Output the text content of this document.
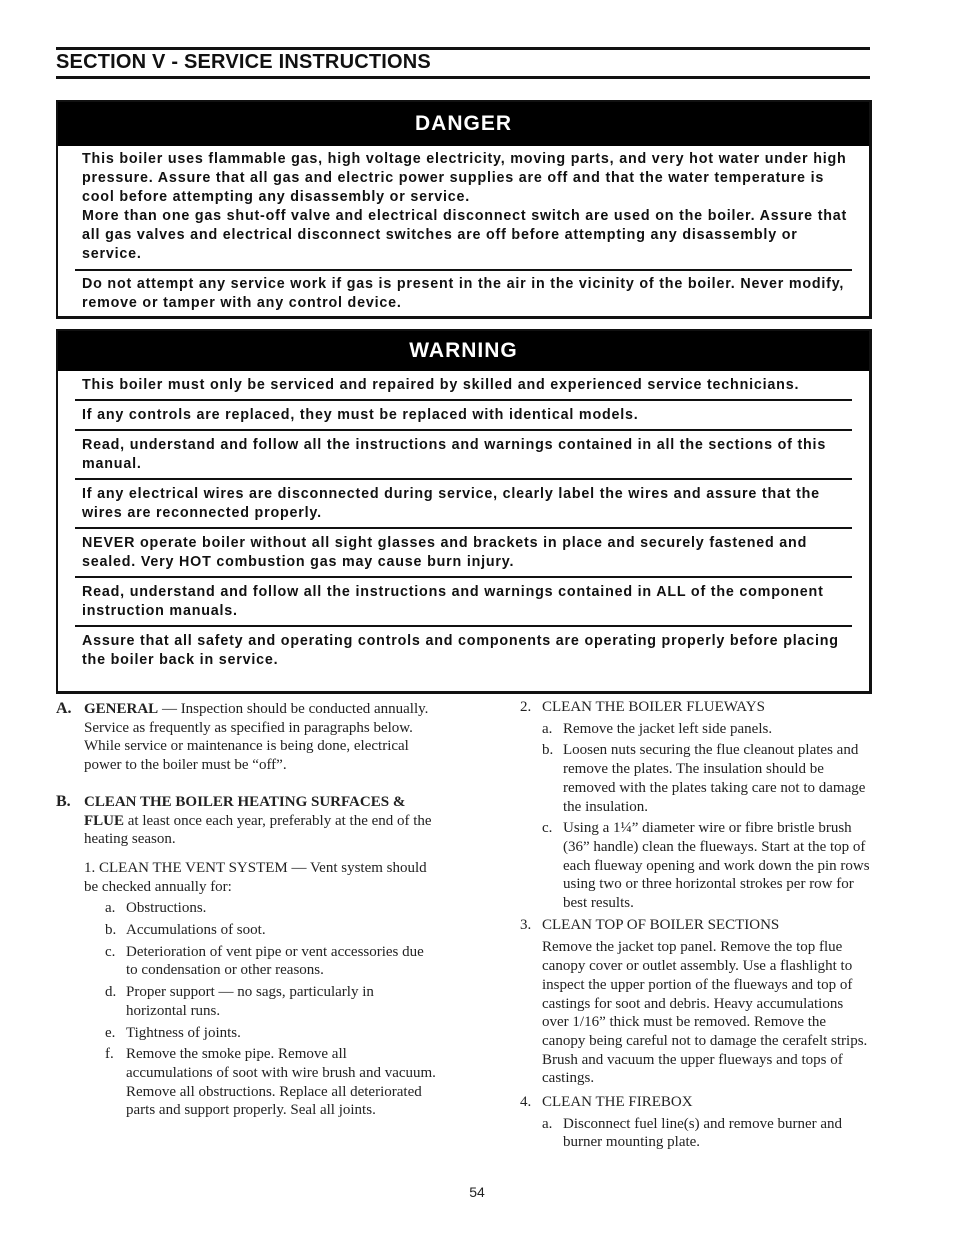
SECTION V - SERVICE INSTRUCTIONS
DANGER
This boiler uses flammable gas, high voltage electricity, moving parts, and very hot water under high pressure. Assure that all gas and electric power supplies are off and that the water temperature is cool before attempting any disassembly or service.
More than one gas shut-off valve and electrical disconnect switch are used on the boiler. Assure that all gas valves and electrical disconnect switches are off before attempting any disassembly or service.
Do not attempt any service work if gas is present in the air in the vicinity of the boiler. Never modify, remove or tamper with any control device.
WARNING
This boiler must only be serviced and repaired by skilled and experienced service technicians.
If any controls are replaced, they must be replaced with identical models.
Read, understand and follow all the instructions and warnings contained in all the sections of this manual.
If any electrical wires are disconnected during service, clearly label the wires and assure that the wires are reconnected properly.
NEVER operate boiler without all sight glasses and brackets in place and securely fastened and sealed. Very HOT combustion gas may cause burn injury.
Read, understand and follow all the instructions and warnings contained in ALL of the component instruction manuals.
Assure that all safety and operating controls and components are operating properly before placing the boiler back in service.

A. GENERAL — Inspection should be conducted annually. Service as frequently as specified in paragraphs below. While service or maintenance is being done, electrical power to the boiler must be “off”.

B. CLEAN THE BOILER HEATING SURFACES & FLUE at least once each year, preferably at the end of the heating season.

1. CLEAN THE VENT SYSTEM — Vent system should be checked annually for:

a. Obstructions.

b. Accumulations of soot.

c. Deterioration of vent pipe or vent accessories due to condensation or other reasons.

d. Proper support — no sags, particularly in horizontal runs.

e. Tightness of joints.

f. Remove the smoke pipe. Remove all accumulations of soot with wire brush and vacuum. Remove all obstructions. Replace all deteriorated parts and support properly. Seal all joints.

2. CLEAN THE BOILER FLUEWAYS

a. Remove the jacket left side panels.

b. Loosen nuts securing the flue cleanout plates and remove the plates. The insulation should be removed with the plates taking care not to damage the insulation.

c. Using a 1¼” diameter wire or fibre bristle brush (36” handle) clean the flueways. Start at the top of each flueway opening and work down the pin rows using two or three horizontal strokes per row for best results.

3. CLEAN TOP OF BOILER SECTIONS

Remove the jacket top panel. Remove the top flue canopy cover or outlet assembly. Use a flashlight to inspect the upper portion of the flueways and top of castings for soot and debris. Heavy accumulations over 1/16” thick must be removed. Remove the canopy being careful not to damage the cerafelt strips. Brush and vacuum the upper flueways and tops of castings.

4. CLEAN THE FIREBOX

a. Disconnect fuel line(s) and remove burner and burner mounting plate.

54
